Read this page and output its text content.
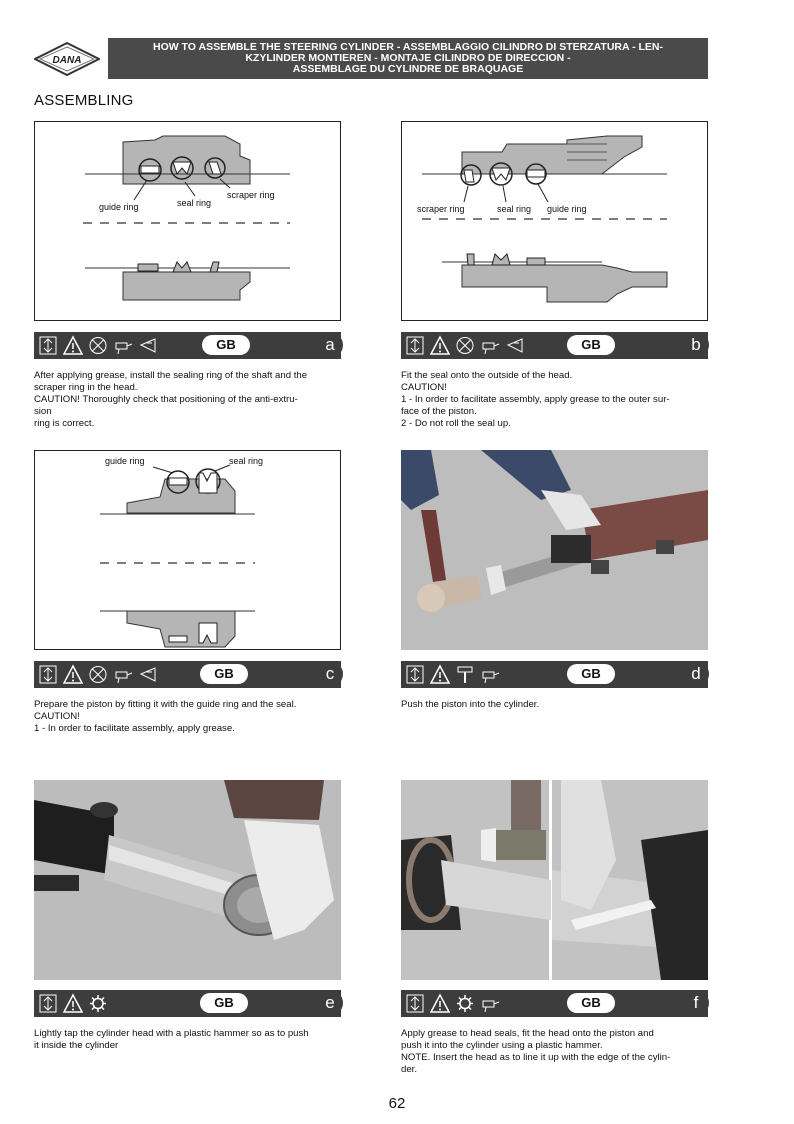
DANA
HOW TO ASSEMBLE THE STEERING CYLINDER - ASSEMBLAGGIO CILINDRO DI STERZATURA - LEN-
KZYLINDER MONTIEREN - MONTAJE CILINDRO DE DIRECCION -
ASSEMBLAGE DU CYLINDRE DE BRAQUAGE
ASSEMBLING
guide ring	seal ring
scraper ring
GB	a

After applying grease, install the sealing ring of the shaft and the

scraper ring in the head.

CAUTION! Thoroughly check that positioning of the anti-extru-

sion

ring is correct.

scraper ring	seal ring guide ring
GB	b

Fit the seal onto the outside of the head.

CAUTION!

1 - In order to facilitate assembly, apply grease to the outer sur-

face of the piston.

2 - Do not roll the seal up.

guide ring	seal ring
GB	c

Prepare the piston by fitting it with the guide ring and the seal.

CAUTION!

1 - In order to facilitate assembly, apply grease.

GB	d

Push the piston into the cylinder.

GB	e

Lightly tap the cylinder head with a plastic hammer so as to push

it inside the cylinder

GB	f

Apply grease to head seals, fit the head onto the piston and

push it into the cylinder using a plastic hammer.

NOTE. Insert the head as to line it up with the edge of the cylin-

der.

62
